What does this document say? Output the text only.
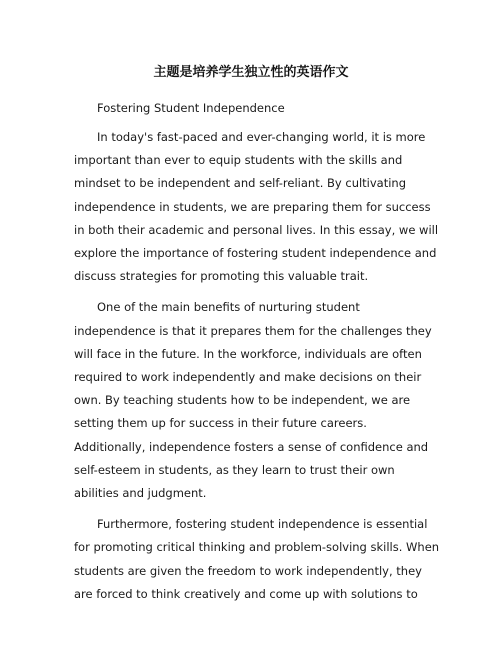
主题是培养学生独立性的英语作文

Fostering Student Independence

In today's fast-paced and ever-changing world, it is more important than ever to equip students with the skills and mindset to be independent and self-reliant. By cultivating independence in students, we are preparing them for success in both their academic and personal lives. In this essay, we will explore the importance of fostering student independence and discuss strategies for promoting this valuable trait.

One of the main benefits of nurturing student independence is that it prepares them for the challenges they will face in the future. In the workforce, individuals are often required to work independently and make decisions on their own. By teaching students how to be independent, we are setting them up for success in their future careers. Additionally, independence fosters a sense of confidence and self-esteem in students, as they learn to trust their own abilities and judgment.

Furthermore, fostering student independence is essential for promoting critical thinking and problem-solving skills. When students are given the freedom to work independently, they are forced to think creatively and come up with solutions to
